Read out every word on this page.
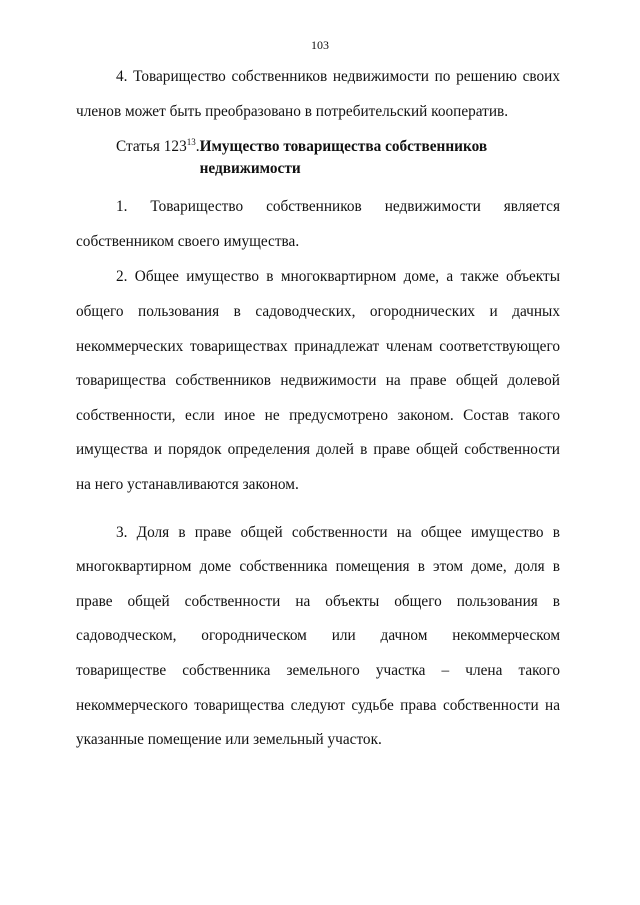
103

4. Товарищество собственников недвижимости по решению своих членов может быть преобразовано в потребительский кооператив.

Статья $123^{13}$. Имущество товарищества собственников недвижимости

1. Товарищество собственников недвижимости является собственником своего имущества.

2. Общее имущество в многоквартирном доме, а также объекты общего пользования в садоводческих, огороднических и дачных некоммерческих товариществах принадлежат членам соответствующего товарищества собственников недвижимости на праве общей долевой собственности, если иное не предусмотрено законом. Состав такого имущества и порядок определения долей в праве общей собственности на него устанавливаются законом.

3. Доля в праве общей собственности на общее имущество в многоквартирном доме собственника помещения в этом доме, доля в праве общей собственности на объекты общего пользования в садоводческом, огородническом или дачном некоммерческом товариществе собственника земельного участка – члена такого некоммерческого товарищества следуют судьбе права собственности на указанные помещение или земельный участок.
